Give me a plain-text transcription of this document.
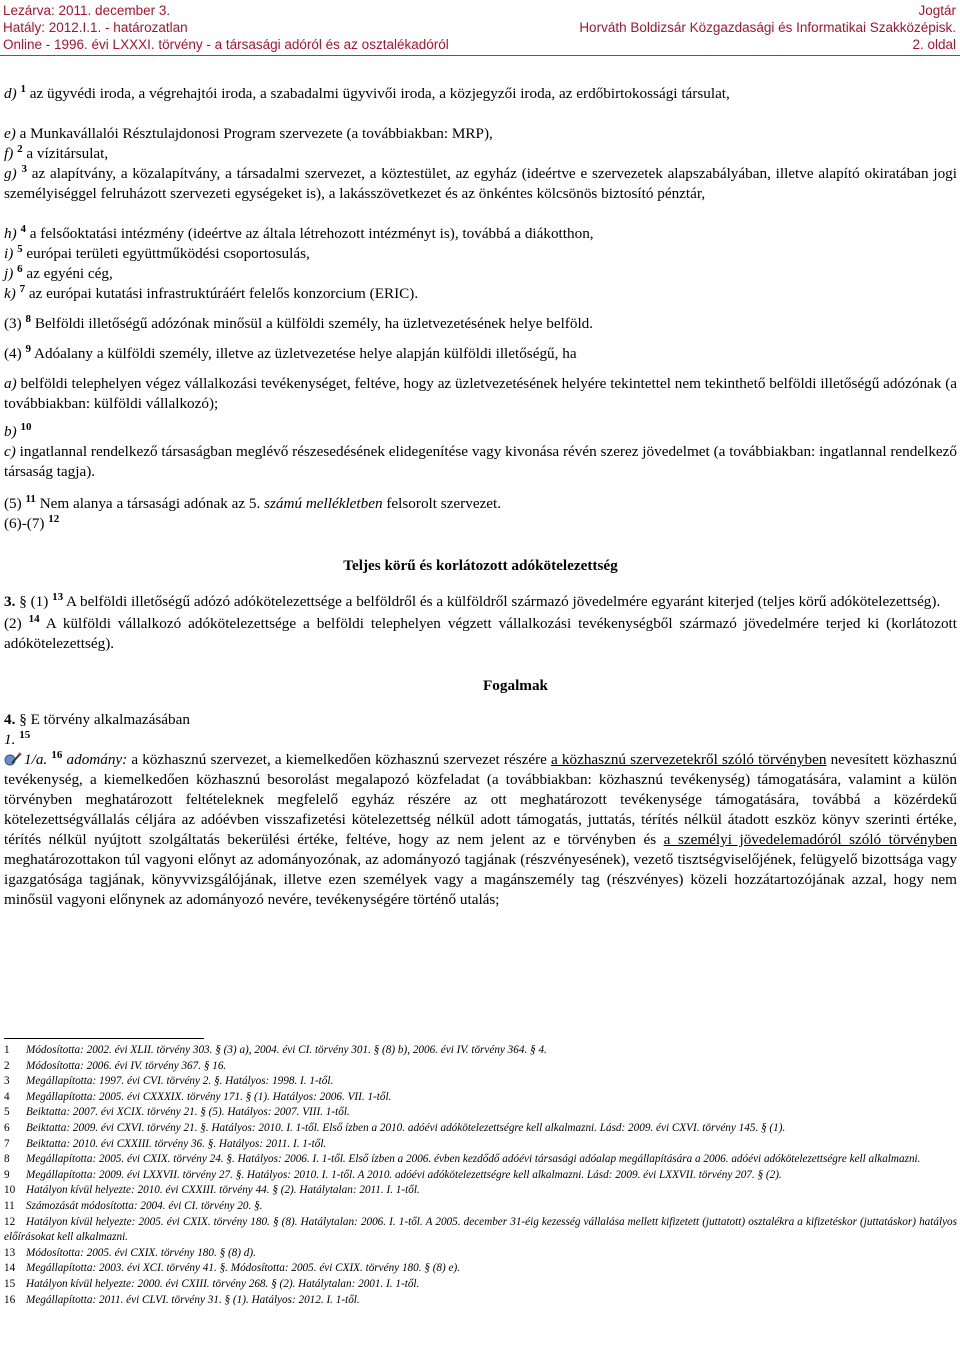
Lezárva: 2011. december 3.
Hatály: 2012.I.1. - határozatlan
Online - 1996. évi LXXXI. törvény - a társasági adóról és az osztalékadóról
Jogtár
Horváth Boldizsár Közgazdasági és Informatikai Szakközépisk.
2. oldal

d) $^1$ az ügyvédi iroda, a végrehajtói iroda, a szabadalmi ügyvivői iroda, a közjegyzői iroda, az erdőbirtokossági társulat,

e) a Munkavállalói Résztulajdonosi Program szervezete (a továbbiakban: MRP),

f) $^2$ a vízitársulat,

g) $^3$ az alapítvány, a közalapítvány, a társadalmi szervezet, a köztestület, az egyház (ideértve e szervezetek alapszabályában, illetve alapító okiratában jogi személyiséggel felruházott szervezeti egységeket is), a lakásszövetkezet és az önkéntes kölcsönös biztosító pénztár,

h) $^4$ a felsőoktatási intézmény (ideértve az általa létrehozott intézményt is), továbbá a diákotthon,

i) $^5$ európai területi együttműködési csoportosulás,

j) $^6$ az egyéni cég,

k) $^7$ az európai kutatási infrastruktúráért felelős konzorcium (ERIC).

(3) $^8$ Belföldi illetőségű adózónak minősül a külföldi személy, ha üzletvezetésének helye belföld.

(4) $^9$ Adóalany a külföldi személy, illetve az üzletvezetése helye alapján külföldi illetőségű, ha

a) belföldi telephelyen végez vállalkozási tevékenységet, feltéve, hogy az üzletvezetésének helyére tekintettel nem tekinthető belföldi illetőségű adózónak (a továbbiakban: külföldi vállalkozó);

b) $^{10}$

c) ingatlannal rendelkező társaságban meglévő részesedésének elidegenítése vagy kivonása révén szerez jövedelmet (a továbbiakban: ingatlannal rendelkező társaság tagja).

(5) $^{11}$ Nem alanya a társasági adónak az 5. számú mellékletben felsorolt szervezet.

(6)-(7) $^{12}$

Teljes körű és korlátozott adókötelezettség

3. § (1) $^{13}$ A belföldi illetőségű adózó adókötelezettsége a belföldről és a külföldről származó jövedelmére egyaránt kiterjed (teljes körű adókötelezettség).

(2) $^{14}$ A külföldi vállalkozó adókötelezettsége a belföldi telephelyen végzett vállalkozási tevékenységből származó jövedelmére terjed ki (korlátozott adókötelezettség).

Fogalmak

4. § E törvény alkalmazásában

1. $^{15}$

1/a. $^{16}$ adomány: a közhasznú szervezet, a kiemelkedően közhasznú szervezet részére a közhasznú szervezetekről szóló törvényben nevesített közhasznú tevékenység, a kiemelkedően közhasznú besorolást megalapozó közfeladat (a továbbiakban: közhasznú tevékenység) támogatására, valamint a külön törvényben meghatározott feltételeknek megfelelő egyház részére az ott meghatározott tevékenysége támogatására, továbbá a közérdekű kötelezettségvállalás céljára az adóévben visszafizetési kötelezettség nélkül adott támogatás, juttatás, térítés nélkül átadott eszköz könyv szerinti értéke, térítés nélkül nyújtott szolgáltatás bekerülési értéke, feltéve, hogy az nem jelent az e törvényben és a személyi jövedelemadóról szóló törvényben meghatározottakon túl vagyoni előnyt az adományozónak, az adományozó tagjának (részvényesének), vezető tisztségviselőjének, felügyelő bizottsága vagy igazgatósága tagjának, könyvvizsgálójának, illetve ezen személyek vagy a magánszemély tag (részvényes) közeli hozzátartozójának azzal, hogy nem minősül vagyoni előnynek az adományozó nevére, tevékenységére történő utalás;

1 Módosította: 2002. évi XLII. törvény 303. § (3) a), 2004. évi CI. törvény 301. § (8) b), 2006. évi IV. törvény 364. § 4.

2 Módosította: 2006. évi IV. törvény 367. § 16.

3 Megállapította: 1997. évi CVI. törvény 2. §. Hatályos: 1998. I. 1-től.

4 Megállapította: 2005. évi CXXXIX. törvény 171. § (1). Hatályos: 2006. VII. 1-től.

5 Beiktatta: 2007. évi XCIX. törvény 21. § (5). Hatályos: 2007. VIII. 1-től.

6 Beiktatta: 2009. évi CXVI. törvény 21. §. Hatályos: 2010. I. 1-től. Első ízben a 2010. adóévi adókötelezettségre kell alkalmazni. Lásd: 2009. évi CXVI. törvény 145. § (1).

7 Beiktatta: 2010. évi CXXIII. törvény 36. §. Hatályos: 2011. I. 1-től.

8 Megállapította: 2005. évi CXIX. törvény 24. §. Hatályos: 2006. I. 1-től. Első ízben a 2006. évben kezdődő adóévi társasági adóalap megállapítására a 2006. adóévi adókötelezettségre kell alkalmazni.

9 Megállapította: 2009. évi LXXVII. törvény 27. §. Hatályos: 2010. I. 1-től. A 2010. adóévi adókötelezettségre kell alkalmazni. Lásd: 2009. évi LXXVII. törvény 207. § (2).

10 Hatályon kívül helyezte: 2010. évi CXXIII. törvény 44. § (2). Hatálytalan: 2011. I. 1-től.

11 Számozását módosította: 2004. évi CI. törvény 20. §.

12 Hatályon kívül helyezte: 2005. évi CXIX. törvény 180. § (8). Hatálytalan: 2006. I. 1-től. A 2005. december 31-éig kezesség vállalása mellett kifizetett (juttatott) osztalékra a kifizetéskor (juttatáskor) hatályos előírásokat kell alkalmazni.

13 Módosította: 2005. évi CXIX. törvény 180. § (8) d).

14 Megállapította: 2003. évi XCI. törvény 41. §. Módosította: 2005. évi CXIX. törvény 180. § (8) e).

15 Hatályon kívül helyezte: 2000. évi CXIII. törvény 268. § (2). Hatálytalan: 2001. I. 1-től.

16 Megállapította: 2011. évi CLVI. törvény 31. § (1). Hatályos: 2012. I. 1-től.
